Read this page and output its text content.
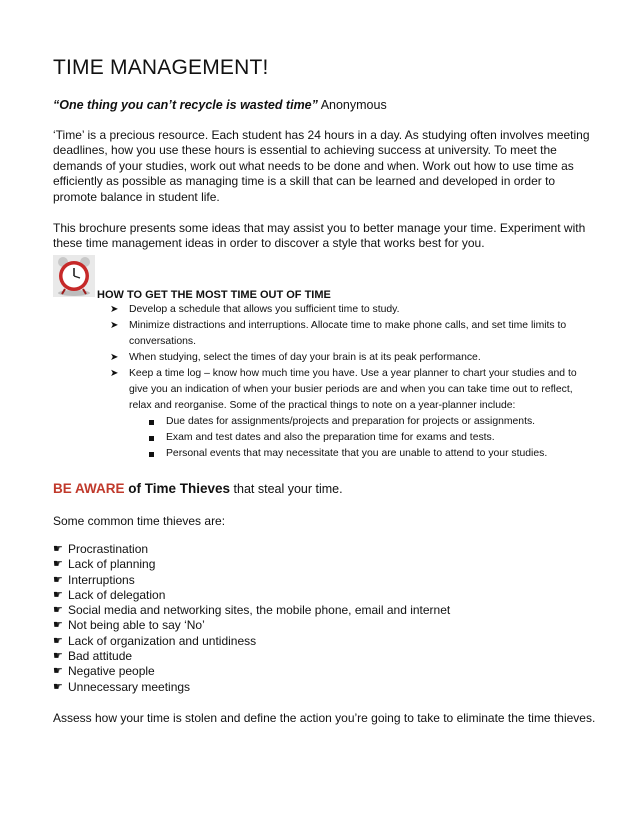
TIME MANAGEMENT!
“One thing you can’t recycle is wasted time” Anonymous

‘Time’ is a precious resource. Each student has 24 hours in a day. As studying often involves meeting deadlines, how you use these hours is essential to achieving success at university. To meet the demands of your studies, work out what needs to be done and when. Work out how to use time as efficiently as possible as managing time is a skill that can be learned and developed in order to promote balance in student life.

This brochure presents some ideas that may assist you to better manage your time. Experiment with these time management ideas in order to discover a style that works best for you.

HOW TO GET THE MOST TIME OUT OF TIME
➤ Develop a schedule that allows you sufficient time to study.
➤ Minimize distractions and interruptions. Allocate time to make phone calls, and set time limits to conversations.
➤ When studying, select the times of day your brain is at its peak performance.
➤ Keep a time log – know how much time you have. Use a year planner to chart your studies and to give you an indication of when your busier periods are and when you can take time out to reflect, relax and reorganise. Some of the practical things to note on a year-planner include:
Due dates for assignments/projects and preparation for projects or assignments.
Exam and test dates and also the preparation time for exams and tests.
Personal events that may necessitate that you are unable to attend to your studies.
BE AWARE of Time Thieves that steal your time.
Some common time thieves are:
☛ Procrastination
☛ Lack of planning
☛ Interruptions
☛ Lack of delegation
☛ Social media and networking sites, the mobile phone, email and internet
☛ Not being able to say ‘No’
☛ Lack of organization and untidiness
☛ Bad attitude
☛ Negative people
☛ Unnecessary meetings
Assess how your time is stolen and define the action you’re going to take to eliminate the time thieves.
